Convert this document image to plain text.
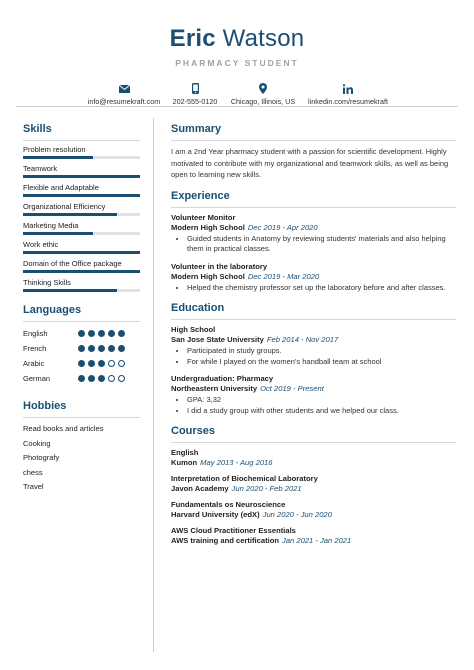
Eric Watson
PHARMACY STUDENT
info@resumekraft.com	202-555-0120	Chicago, Illinois, US	linkedin.com/resumekraft
Skills
Problem resolution
Teamwork
Flexible and Adaptable
Organizational Efficiency
Marketing Media
Work ethic
Domain of the Office package
Thinking Skills
Languages
English
French
Arabic
German
Hobbies
Read books and articles
Cooking
Photografy
chess
Travel
Summary
I am a 2nd Year pharmacy student with a passion for scientific development. Highly motivated to contribute with my organizational and teamwork skills, as well as being open to learning new skills.
Experience
Volunteer Monitor
Modern High School Dec 2019 - Apr 2020
• Guided students in Anatomy by reviewing students' materials and also helping them in practical classes.
Volunteer in the laboratory
Modern High School Dec 2019 - Mar 2020
• Helped the chemistry professor set up the laboratory before and after classes.
Education
High School
San Jose State University Feb 2014 - Nov 2017
• Participated in study groups.
• For while I played on the women's handball team at school
Undergraduation: Pharmacy
Northeastern University Oct 2019 - Present
• GPA: 3,32
• I did a study group with other students and we helped our class.
Courses
English
Kumon May 2013 - Aug 2016
Interpretation of Biochemical Laboratory
Javon Academy Jun 2020 - Feb 2021
Fundamentals os Neuroscience
Harvard University (edX) Jun 2020 - Jun 2020
AWS Cloud Practitioner Essentials
AWS training and certification Jan 2021 - Jan 2021
